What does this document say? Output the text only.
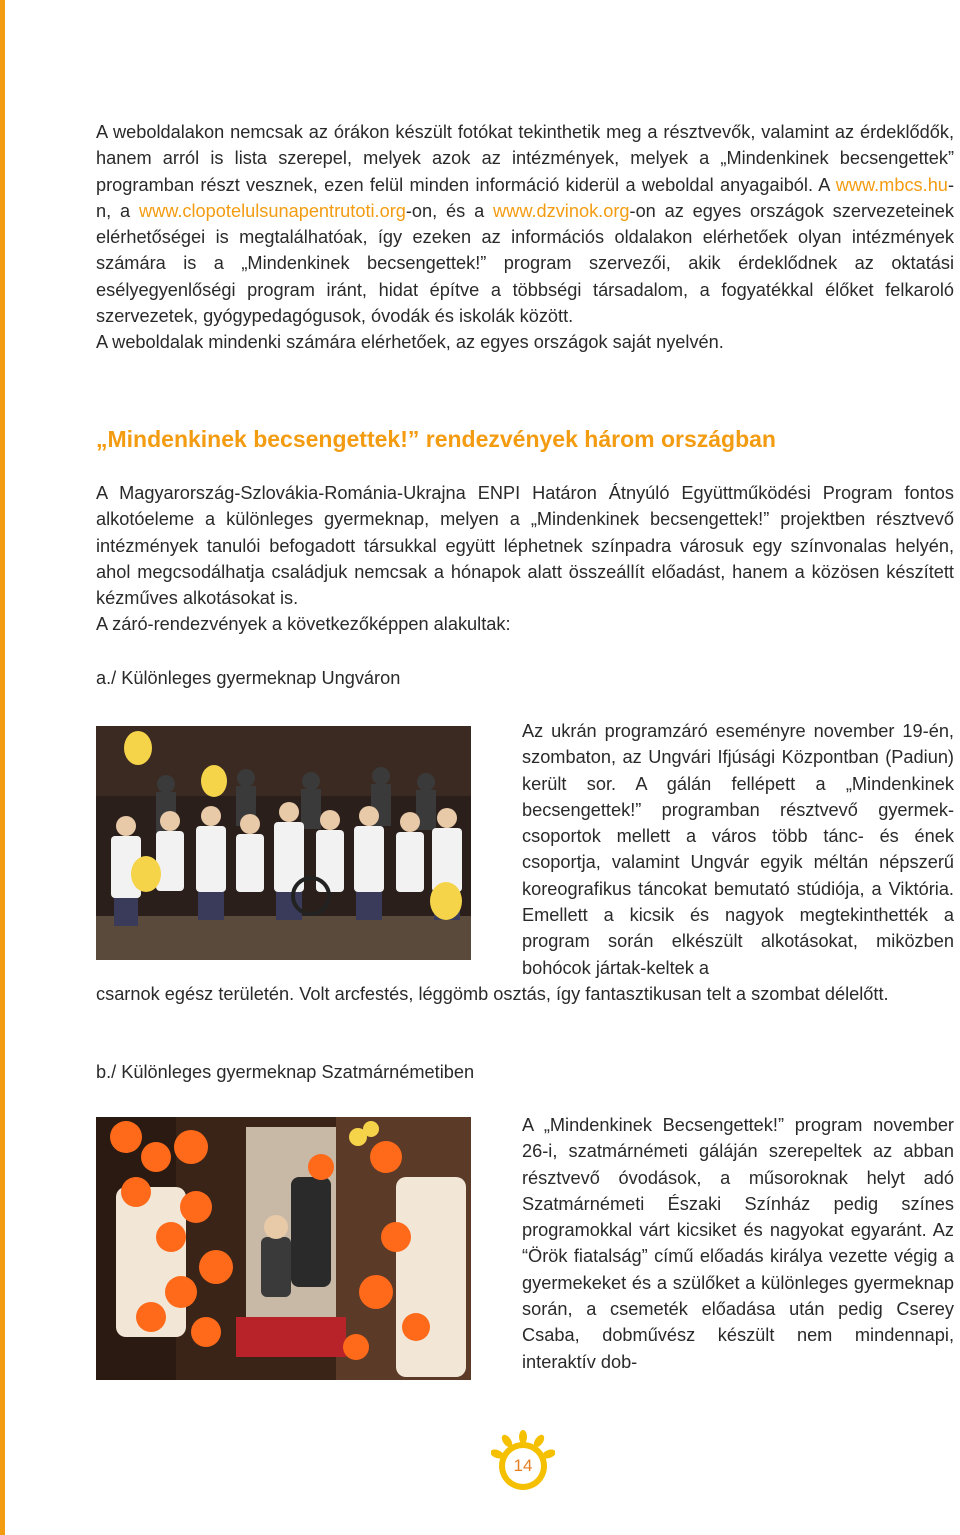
A weboldalakon nemcsak az órákon készült fotókat tekinthetik meg a résztvevők, valamint az érdeklődők, hanem arról is lista szerepel, melyek azok az intézmények, melyek a „Mindenkinek becsengettek” programban részt vesznek, ezen felül minden információ kiderül a weboldal anyagaiból. A www.mbcs.hu-n, a www.clopotelulsunapentrutoti.org-on, és a www.dzvinok.org-on az egyes országok szervezeteinek elérhetőségei is megtalálhatóak, így ezeken az információs oldalakon elérhetőek olyan intézmények számára is a „Mindenkinek becsengettek!” program szervezői, akik érdeklődnek az oktatási esélyegyenlőségi program iránt, hidat építve a többségi társadalom, a fogyatékkal élőket felkaroló szervezetek, gyógypedagógusok, óvodák és iskolák között.

A weboldalak mindenki számára elérhetőek, az egyes országok saját nyelvén.

„Mindenkinek becsengettek!” rendezvények három országban

A Magyarország-Szlovákia-Románia-Ukrajna ENPI Határon Átnyúló Együttműködési Program fontos alkotóeleme a különleges gyermeknap, melyen a „Mindenkinek becsengettek!” projektben résztvevő intézmények tanulói befogadott társukkal együtt léphetnek színpadra városuk egy színvonalas helyén, ahol megcsodálhatja családjuk nemcsak a hónapok alatt összeállít előadást, hanem a közösen készített kézműves alkotásokat is.

A záró-rendezvények a következőképpen alakultak:

a./ Különleges gyermeknap Ungváron

Az ukrán programzáró eseményre november 19-én, szombaton, az Ungvári Ifjúsági Központban (Padiun) került sor. A gálán fellépett a „Mindenkinek becsengettek!” programban résztvevő gyermek-csoportok mellett a város több tánc- és ének csoportja, valamint Ungvár egyik méltán népszerű koreografikus táncokat bemutató stúdiója, a Viktória. Emellett a kicsik és nagyok megtekinthették a program során elkészült alkotásokat, miközben bohócok jártak-keltek a

csarnok egész területén. Volt arcfestés, léggömb osztás, így fantasztikusan telt a szombat délelőtt.

b./ Különleges gyermeknap Szatmárnémetiben

A „Mindenkinek Becsengettek!” program november 26-i, szatmárnémeti gáláján szerepeltek az abban résztvevő óvodások, a műsoroknak helyt adó Szatmárnémeti Északi Színház pedig színes programokkal várt kicsiket és nagyokat egyaránt. Az “Örök fiatalság” című előadás királya vezette végig a gyermekeket és a szülőket a különleges gyermeknap során, a csemeték előadása után pedig Cserey Csaba, dobművész készült nem mindennapi, interaktív dob-

14
